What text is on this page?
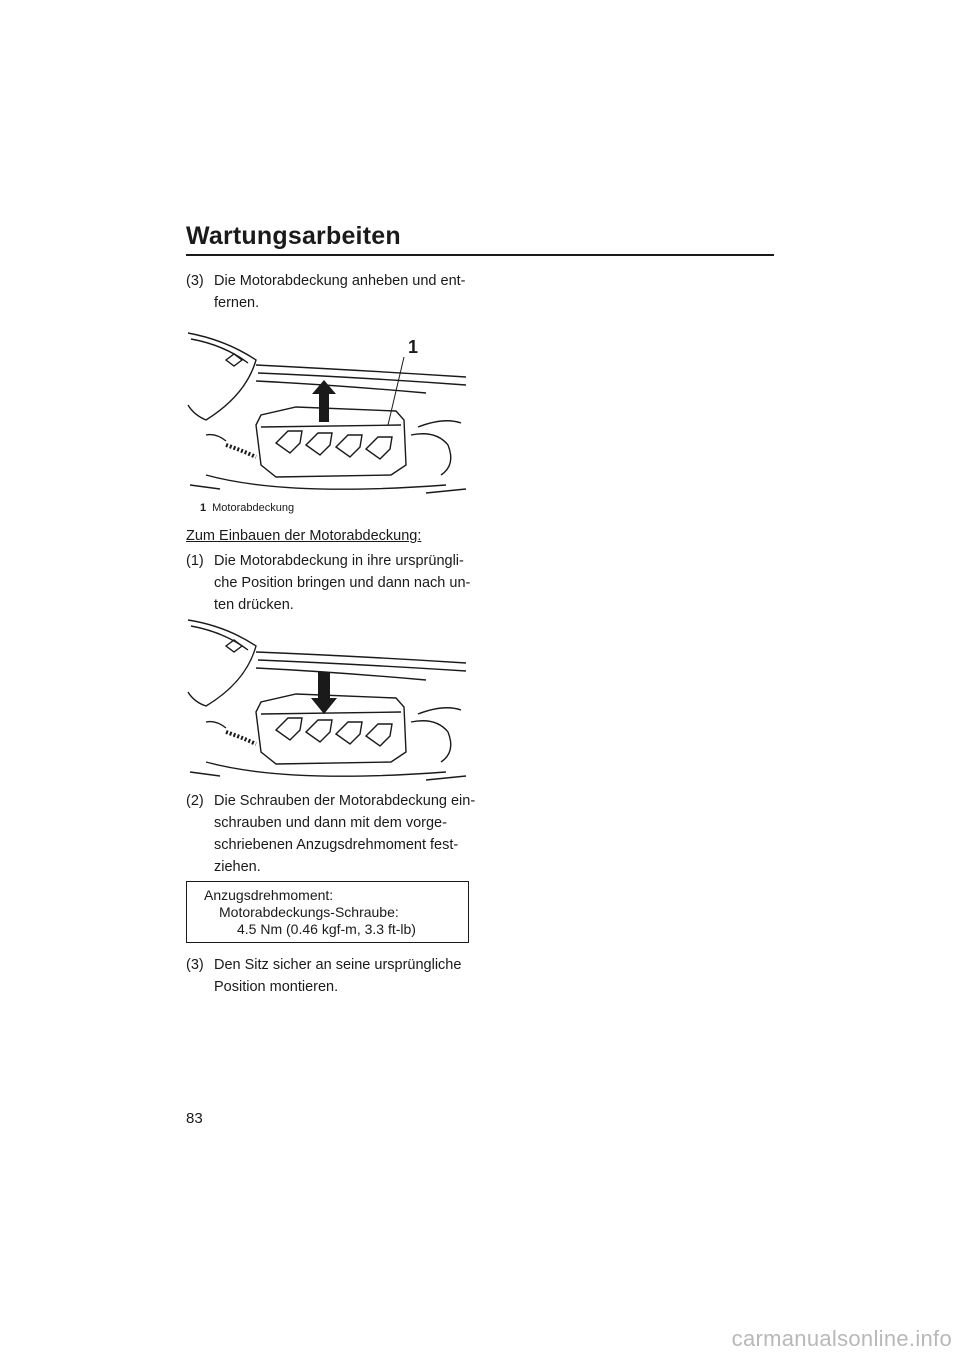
Wartungsarbeiten
(3) Die Motorabdeckung anheben und ent-fernen.
1
1 Motorabdeckung
Zum Einbauen der Motorabdeckung:
(1) Die Motorabdeckung in ihre ursprüngli-che Position bringen und dann nach un-ten drücken.
(2) Die Schrauben der Motorabdeckung ein-schrauben und dann mit dem vorge-schriebenen Anzugsdrehmoment fest-ziehen.
Anzugsdrehmoment:
Motorabdeckungs-Schraube:
4.5 Nm (0.46 kgf-m, 3.3 ft-lb)
(3) Den Sitz sicher an seine ursprüngliche Position montieren.
83
carmanualsonline.info
